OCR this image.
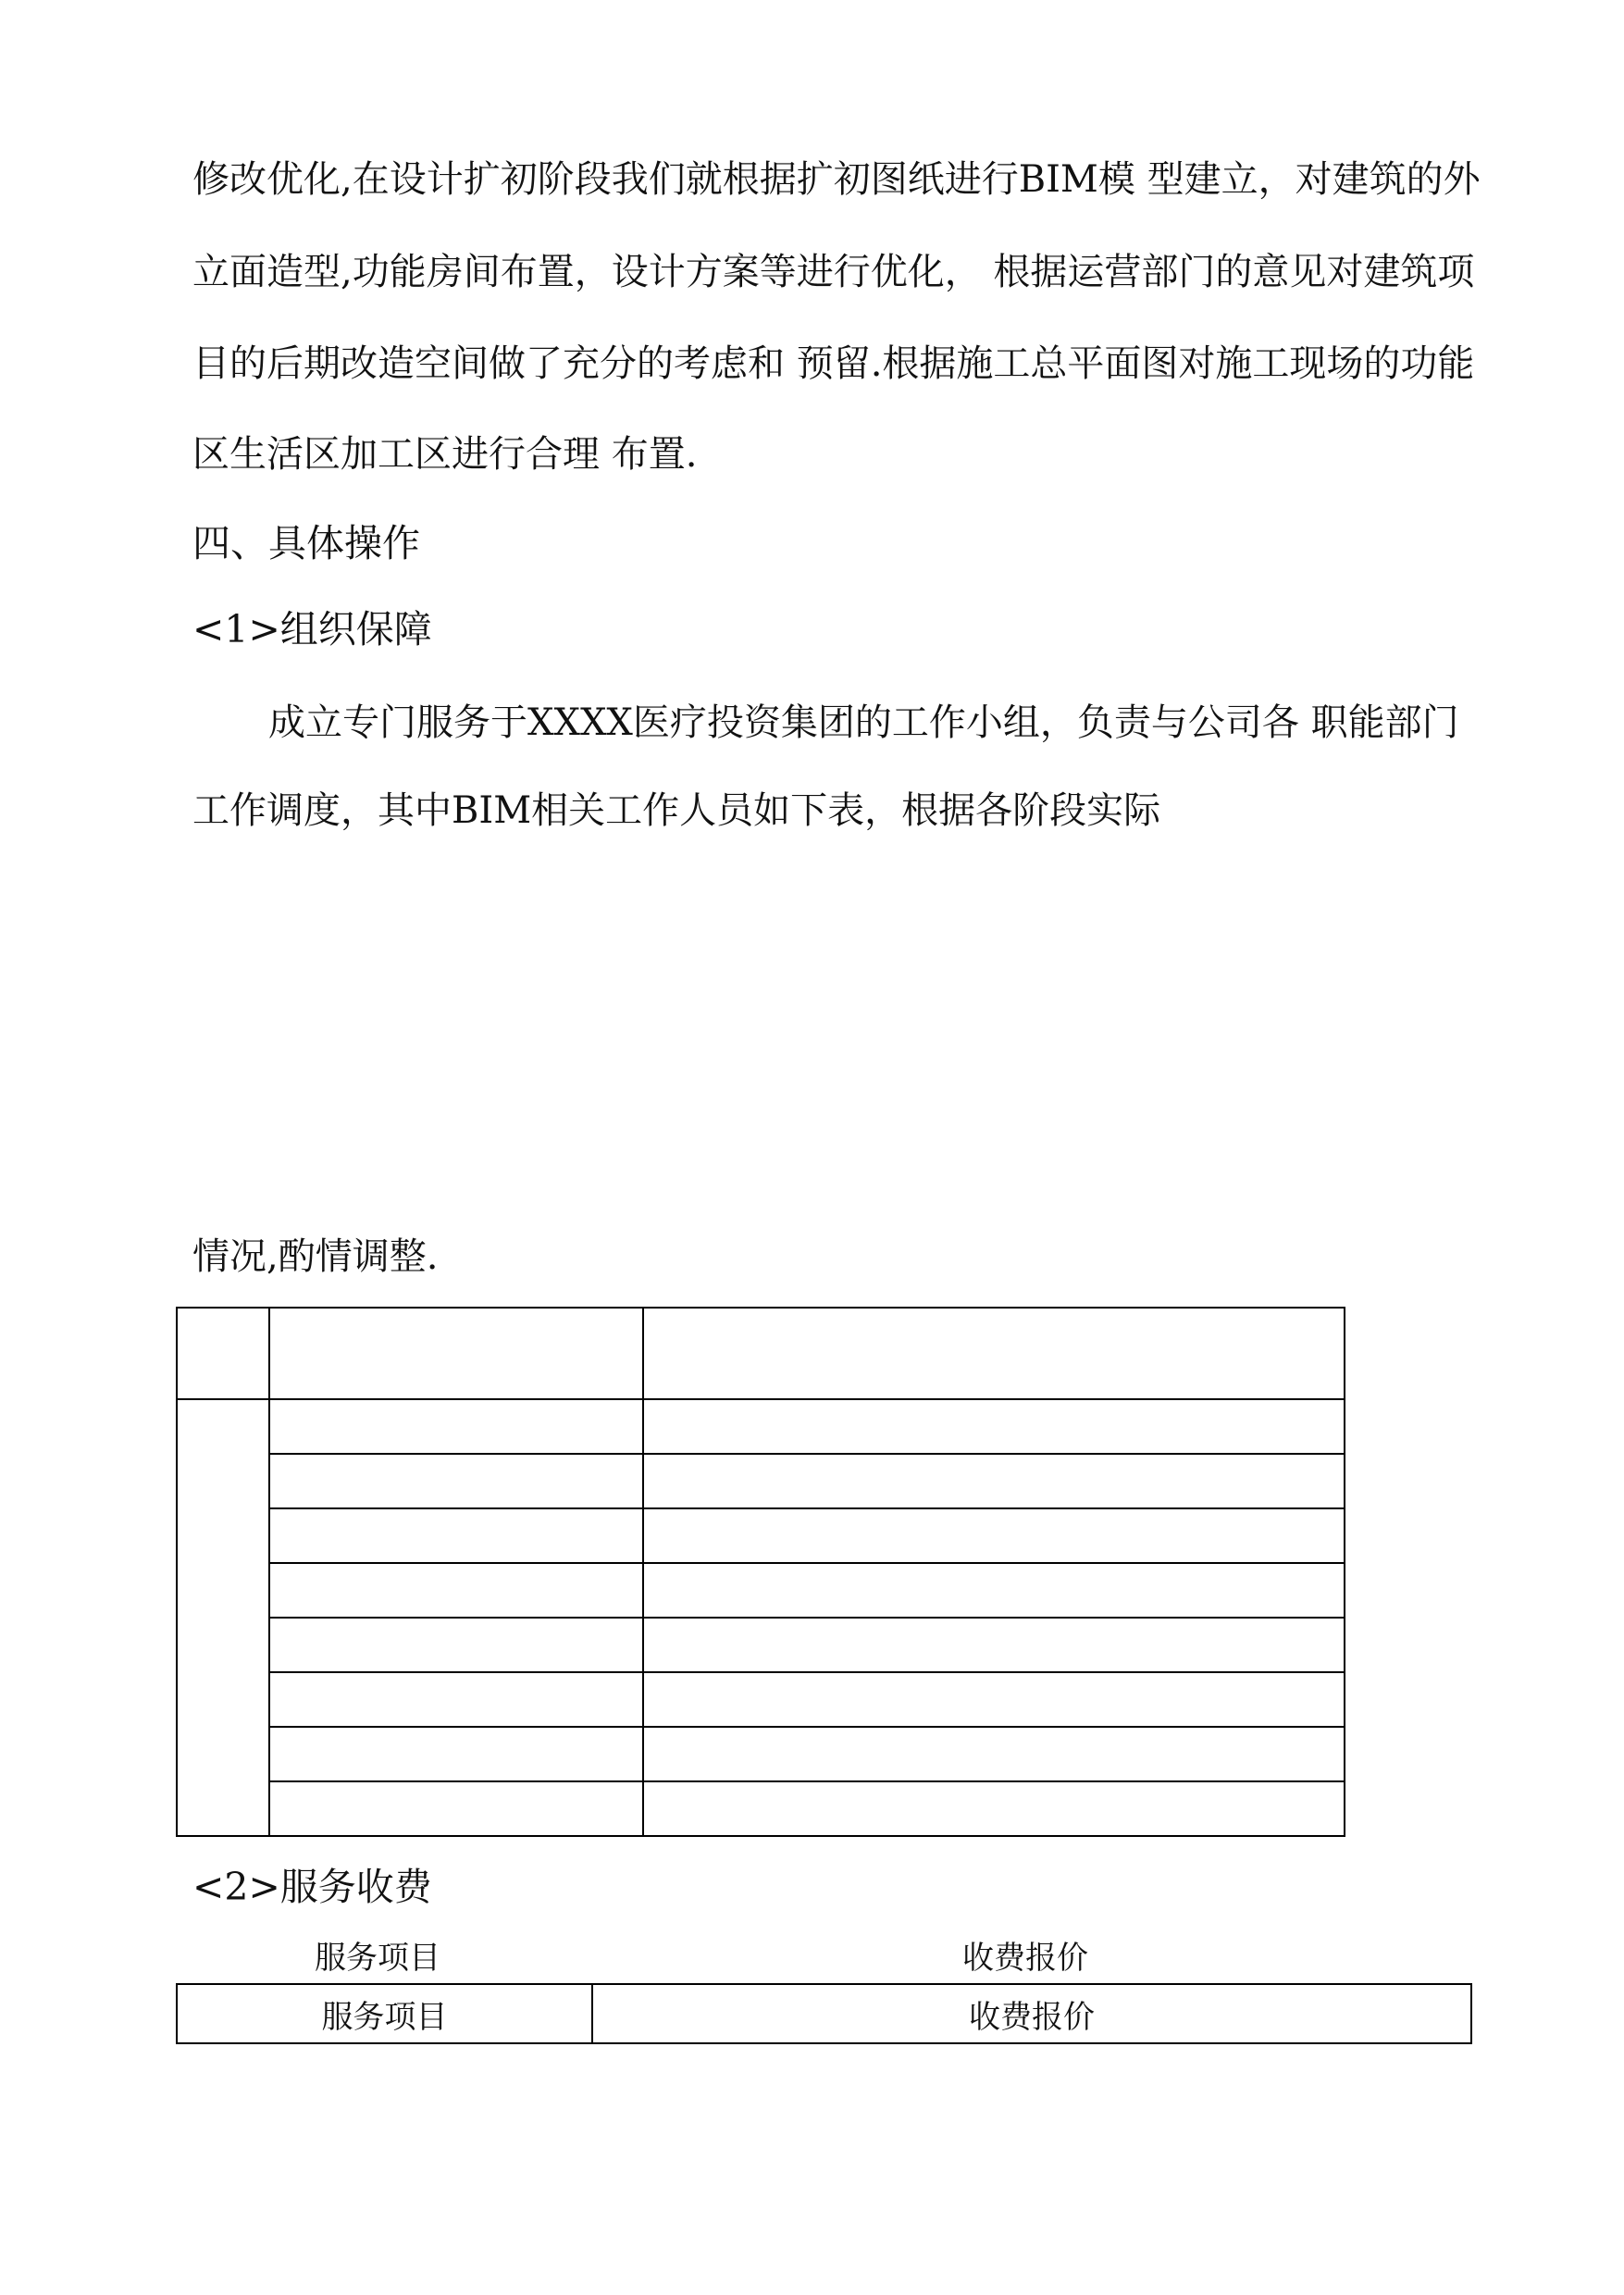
修改优化,在设计扩初阶段我们就根据扩初图纸进行BIM模 型建立，对建筑的外

立面造型,功能房间布置，设计方案等进行优化， 根据运营部门的意见对建筑项

目的后期改造空间做了充分的考虑和 预留.根据施工总平面图对施工现场的功能

区生活区加工区进行合理 布置.

四、具体操作

<1>组织保障

成立专门服务于XXXX医疗投资集团的工作小组，负责与公司各 职能部门

工作调度，其中BIM相关工作人员如下表，根据各阶段实际

情况,酌情调整.

<2>服务收费

服务项目	收费报价
服务项目	收费报价
